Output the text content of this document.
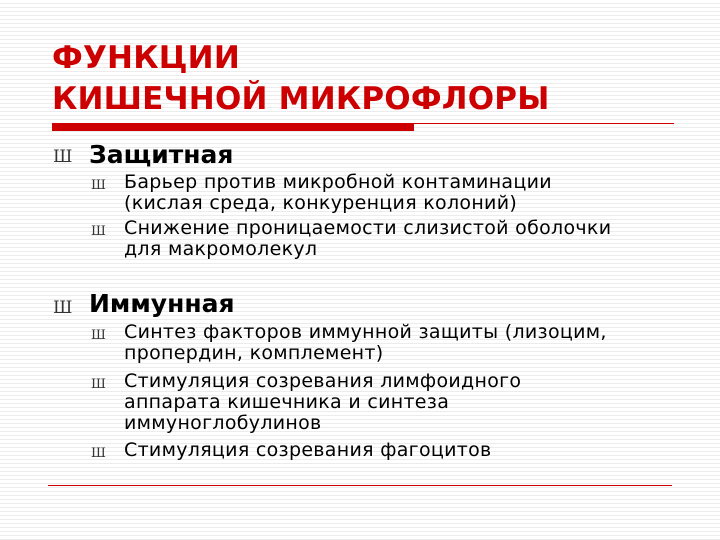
ФУНКЦИИ
КИШЕЧНОЙ МИКРОФЛОРЫ
Ш Защитная
Ш Барьер против микробной контаминации
(кислая среда, конкуренция колоний)
Ш Снижение проницаемости слизистой оболочки
для макромолекул
Ш Иммунная
Ш Синтез факторов иммунной защиты (лизоцим,
пропердин, комплемент)
Ш Стимуляция созревания лимфоидного
аппарата кишечника и синтеза
иммуноглобулинов
Ш Стимуляция созревания фагоцитов
